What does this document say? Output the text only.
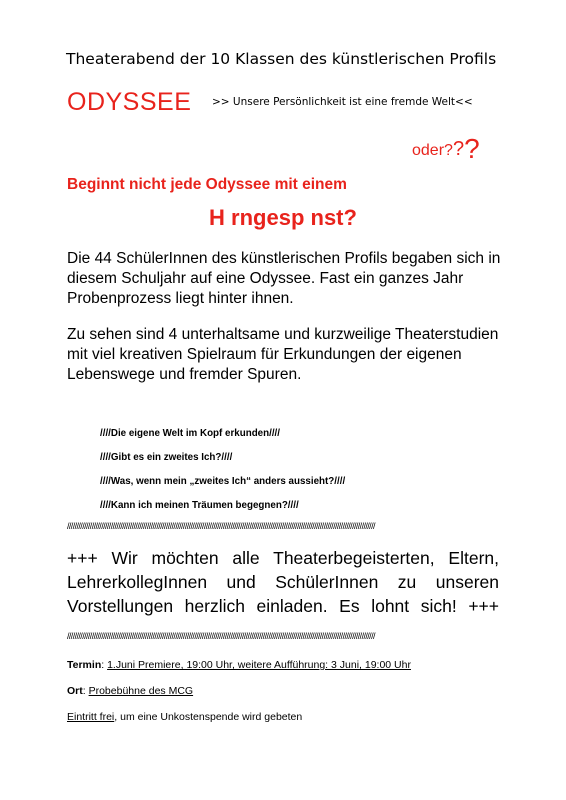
Theaterabend der 10 Klassen des künstlerischen Profils
ODYSSEE >> Unsere Persönlichkeit ist eine fremde Welt<<
oder???
Beginnt nicht jede Odyssee mit einem
H rngesp nst?
Die 44 SchülerInnen des künstlerischen Profils begaben sich in diesem Schuljahr auf eine Odyssee. Fast ein ganzes Jahr Probenprozess liegt hinter ihnen.
Zu sehen sind 4 unterhaltsame und kurzweilige Theaterstudien mit viel kreativen Spielraum für Erkundungen der eigenen Lebenswege und fremder Spuren.
////Die eigene Welt im Kopf erkunden////
////Gibt es ein zweites Ich?////
////Was, wenn mein „zweites Ich“ anders aussieht?////
////Kann ich meinen Träumen begegnen?////
//////////////////////////////////////////////////////////////////////////////////////////////////////////////////////////////////////////////////////////////////
+++ Wir möchten alle Theaterbegeisterten, Eltern, LehrerkollegInnen und SchülerInnen zu unseren Vorstellungen herzlich einladen. Es lohnt sich! +++
//////////////////////////////////////////////////////////////////////////////////////////////////////////////////////////////////////////////////////////////////
Termin: 1.Juni Premiere, 19:00 Uhr, weitere Aufführung: 3 Juni, 19:00 Uhr
Ort: Probebühne des MCG
Eintritt frei, um eine Unkostenspende wird gebeten
